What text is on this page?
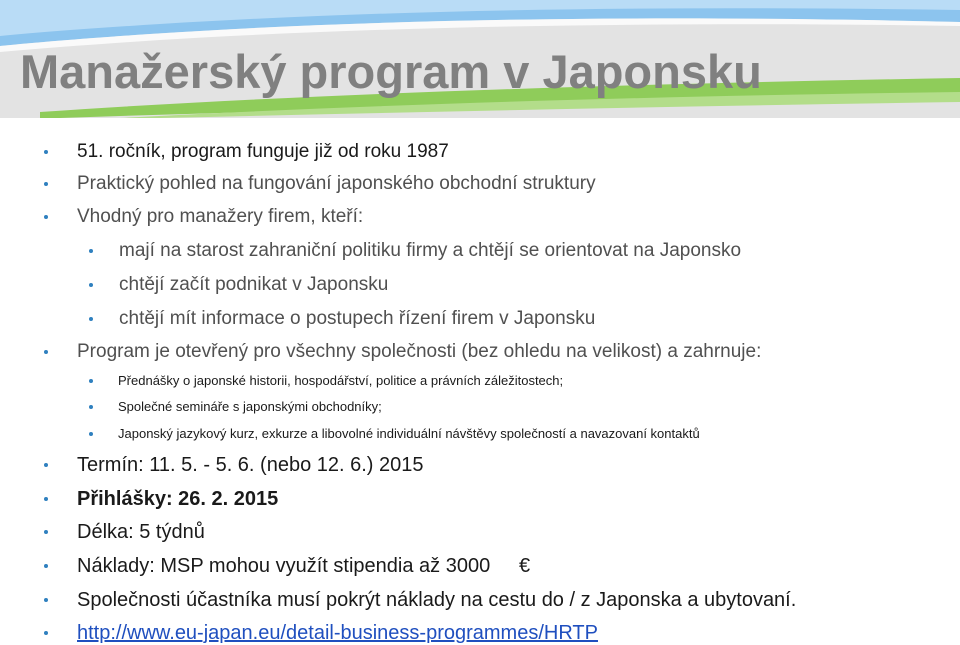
Manažerský program v Japonsku
51. ročník, program funguje již od roku 1987
Praktický pohled na fungování japonského obchodní struktury
Vhodný pro manažery firem, kteří:
mají na starost zahraniční politiku firmy a chtějí se orientovat na Japonsko
chtějí začít podnikat v Japonsku
chtějí mít informace o postupech řízení firem v Japonsku
Program je otevřený pro všechny společnosti (bez ohledu na velikost) a zahrnuje:
Přednášky o japonské historii, hospodářství, politice a právních záležitostech;
Společné semináře s japonskými obchodníky;
Japonský jazykový kurz, exkurze a libovolné individuální návštěvy společností a navazovaní kontaktů
Termín: 11. 5. - 5. 6. (nebo 12. 6.) 2015
Přihlášky: 26. 2. 2015
Délka: 5 týdnů
Náklady: MSP mohou využít stipendia až 3000
Společnosti účastníka musí pokrýt náklady na cestu do / z Japonska a ubytovaní.
http://www.eu-japan.eu/detail-business-programmes/HRTP
€
